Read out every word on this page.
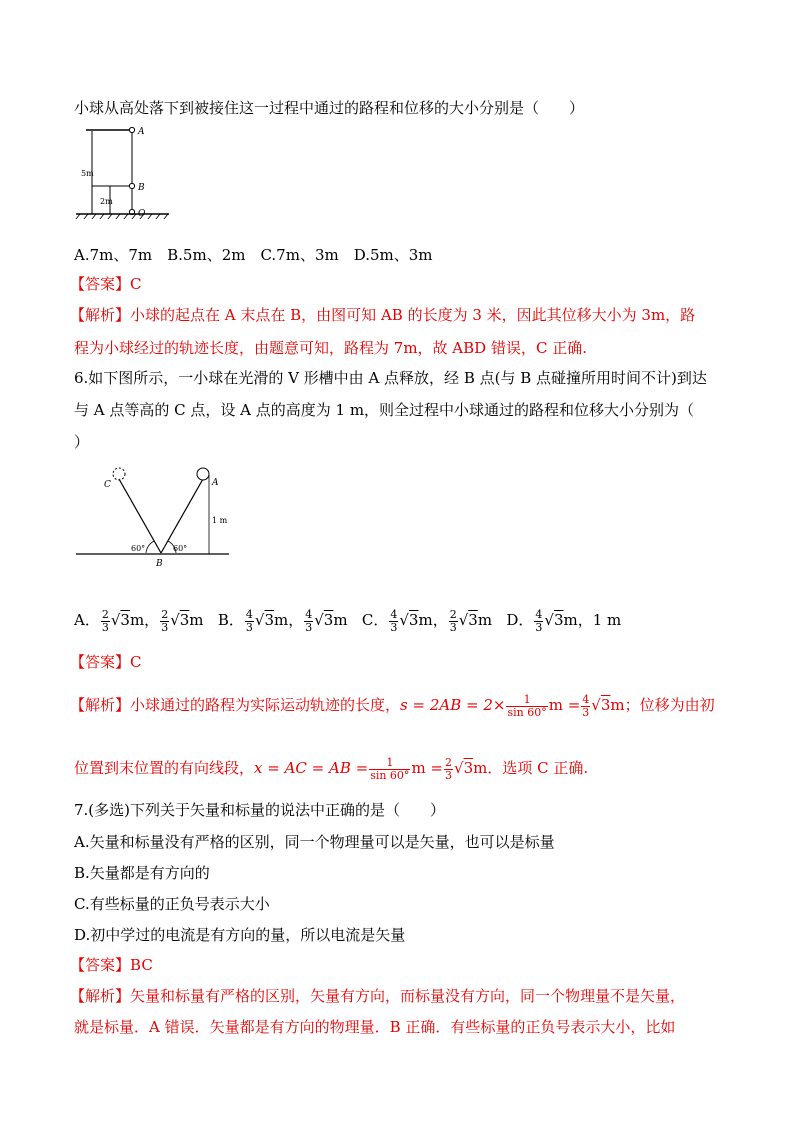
小球从高处落下到被接住这一过程中通过的路程和位移的大小分别是（　　）
A
B
O
5m
2m
A.7m、7m　B.5m、2m　C.7m、3m　D.5m、3m
【答案】C
【解析】小球的起点在 A 末点在 B，由图可知 AB 的长度为 3 米，因此其位移大小为 3m，路
程为小球经过的轨迹长度，由题意可知，路程为 7m，故 ABD 错误，C 正确.
6.如下图所示，一小球在光滑的 V 形槽中由 A 点释放，经 B 点(与 B 点碰撞所用时间不计)到达
与 A 点等高的 C 点，设 A 点的高度为 1 m，则全过程中小球通过的路程和位移大小分别为（
）
C	A
B
1 m
60°	60°
A． $\frac{2}{3} √3m$， $\frac{2}{3} √3m$ B． $\frac{4}{3} √3m$， $\frac{4}{3} √3m$ C． $\frac{4}{3} √3m$， $\frac{2}{3} √3m$ D． $\frac{4}{3} √3m$，1 m
【答案】C
【解析】小球通过的路程为实际运动轨迹的长度，$s = 2AB = 2\times \frac{1}{\sin 60^\circ}$ $m = \frac{4}{3} √3m$；位移为由初
位置到末位置的有向线段，x = AC = AB = $\frac{1}{\sin 60^\circ}$ $m = \frac{2}{3} √3m$．选项 C 正确.
7.(多选)下列关于矢量和标量的说法中正确的是（　　）
A.矢量和标量没有严格的区别，同一个物理量可以是矢量，也可以是标量
B.矢量都是有方向的
C.有些标量的正负号表示大小
D.初中学过的电流是有方向的量，所以电流是矢量
【答案】BC
【解析】矢量和标量有严格的区别，矢量有方向，而标量没有方向，同一个物理量不是矢量，
就是标量．A 错误．矢量都是有方向的物理量．B 正确．有些标量的正负号表示大小，比如
